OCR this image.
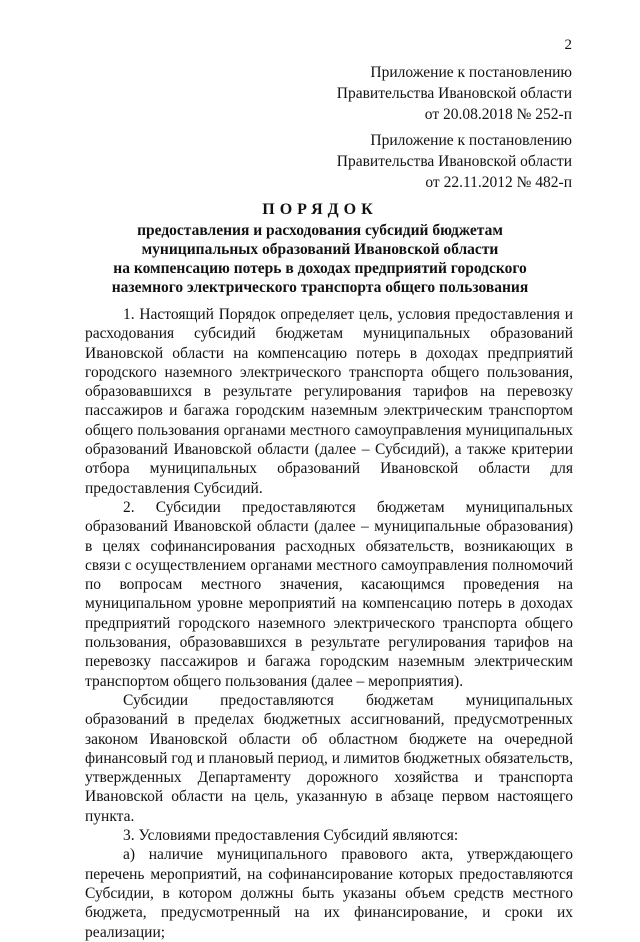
2
Приложение к постановлению
Правительства Ивановской области
от 20.08.2018 № 252-п
Приложение к постановлению
Правительства Ивановской области
от 22.11.2012 № 482-п
ПОРЯДОК
предоставления и расходования субсидий бюджетам
муниципальных образований Ивановской области
на компенсацию потерь в доходах предприятий городского
наземного электрического транспорта общего пользования

1. Настоящий Порядок определяет цель, условия предоставления и расходования субсидий бюджетам муниципальных образований Ивановской области на компенсацию потерь в доходах предприятий городского наземного электрического транспорта общего пользования, образовавшихся в результате регулирования тарифов на перевозку пассажиров и багажа городским наземным электрическим транспортом общего пользования органами местного самоуправления муниципальных образований Ивановской области (далее – Субсидий), а также критерии отбора муниципальных образований Ивановской области для предоставления Субсидий.

2. Субсидии предоставляются бюджетам муниципальных образований Ивановской области (далее – муниципальные образования) в целях софинансирования расходных обязательств, возникающих в связи с осуществлением органами местного самоуправления полномочий по вопросам местного значения, касающимся проведения на муниципальном уровне мероприятий на компенсацию потерь в доходах предприятий городского наземного электрического транспорта общего пользования, образовавшихся в результате регулирования тарифов на перевозку пассажиров и багажа городским наземным электрическим транспортом общего пользования (далее – мероприятия).

Субсидии предоставляются бюджетам муниципальных образований в пределах бюджетных ассигнований, предусмотренных законом Ивановской области об областном бюджете на очередной финансовый год и плановый период, и лимитов бюджетных обязательств, утвержденных Департаменту дорожного хозяйства и транспорта Ивановской области на цель, указанную в абзаце первом настоящего пункта.

3. Условиями предоставления Субсидий являются:

а) наличие муниципального правового акта, утверждающего перечень мероприятий, на софинансирование которых предоставляются Субсидии, в котором должны быть указаны объем средств местного бюджета, предусмотренный на их финансирование, и сроки их реализации;
